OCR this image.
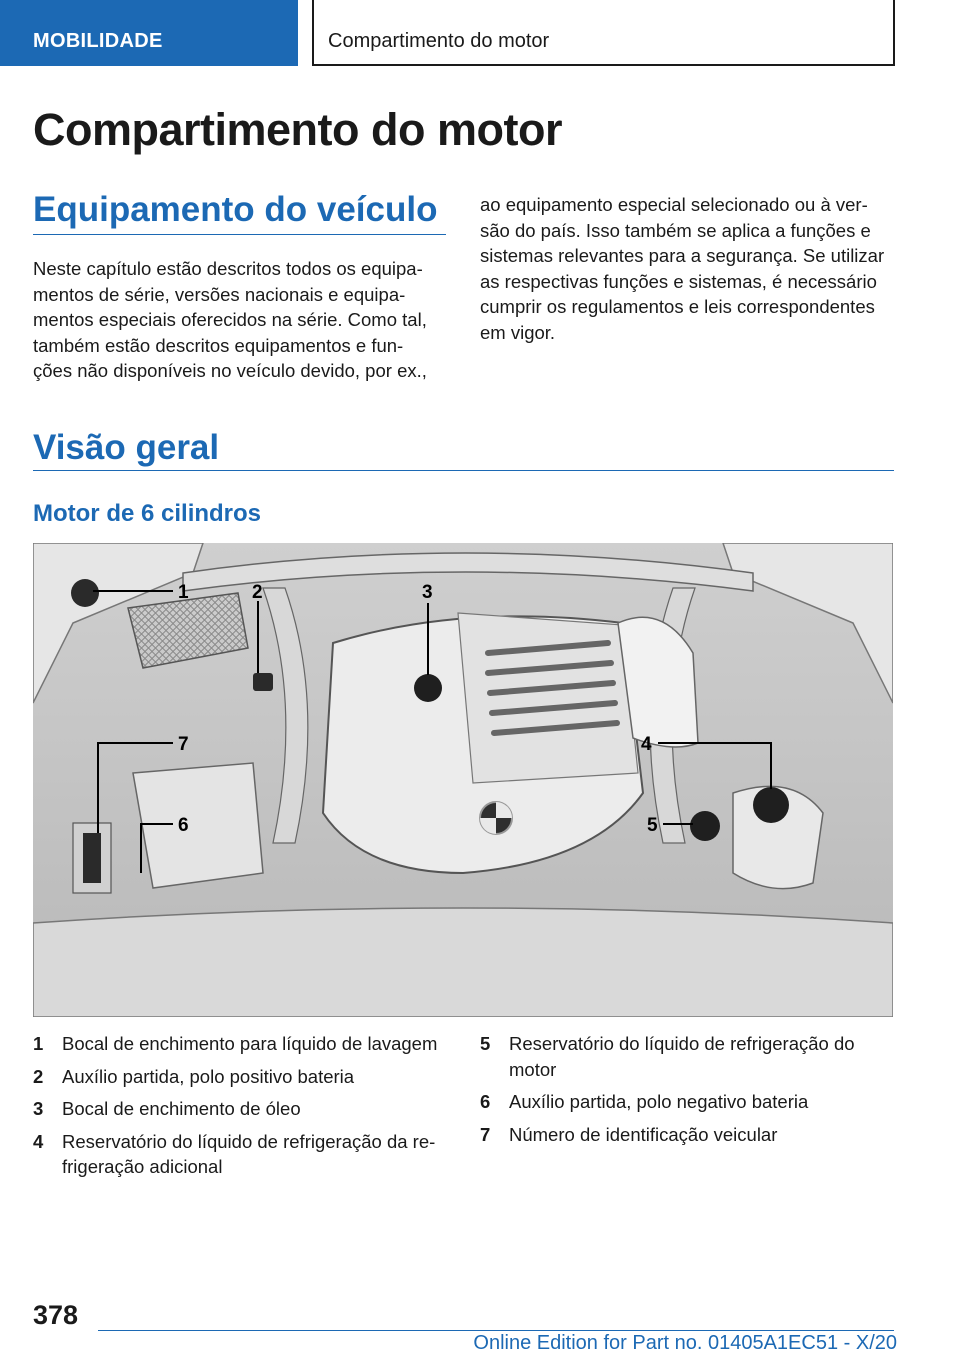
MOBILIDADE	Compartimento do motor
Compartimento do motor
Equipamento do veículo

Neste capítulo estão descritos todos os equipa-
mentos de série, versões nacionais e equipa-
mentos especiais oferecidos na série. Como tal,
também estão descritos equipamentos e fun-
ções não disponíveis no veículo devido, por ex.,

ao equipamento especial selecionado ou à ver-
são do país. Isso também se aplica a funções e
sistemas relevantes para a segurança. Se utilizar
as respectivas funções e sistemas, é necessário
cumprir os regulamentos e leis correspondentes
em vigor.

Visão geral
Motor de 6 cilindros
1	2	3
4
5
6
7
1 Bocal de enchimento para líquido de lavagem
2 Auxílio partida, polo positivo bateria
3 Bocal de enchimento de óleo
4 Reservatório do líquido de refrigeração da re-frigeração adicional
5 Reservatório do líquido de refrigeração do motor
6 Auxílio partida, polo negativo bateria
7 Número de identificação veicular
378
Online Edition for Part no. 01405A1EC51 - X/20
